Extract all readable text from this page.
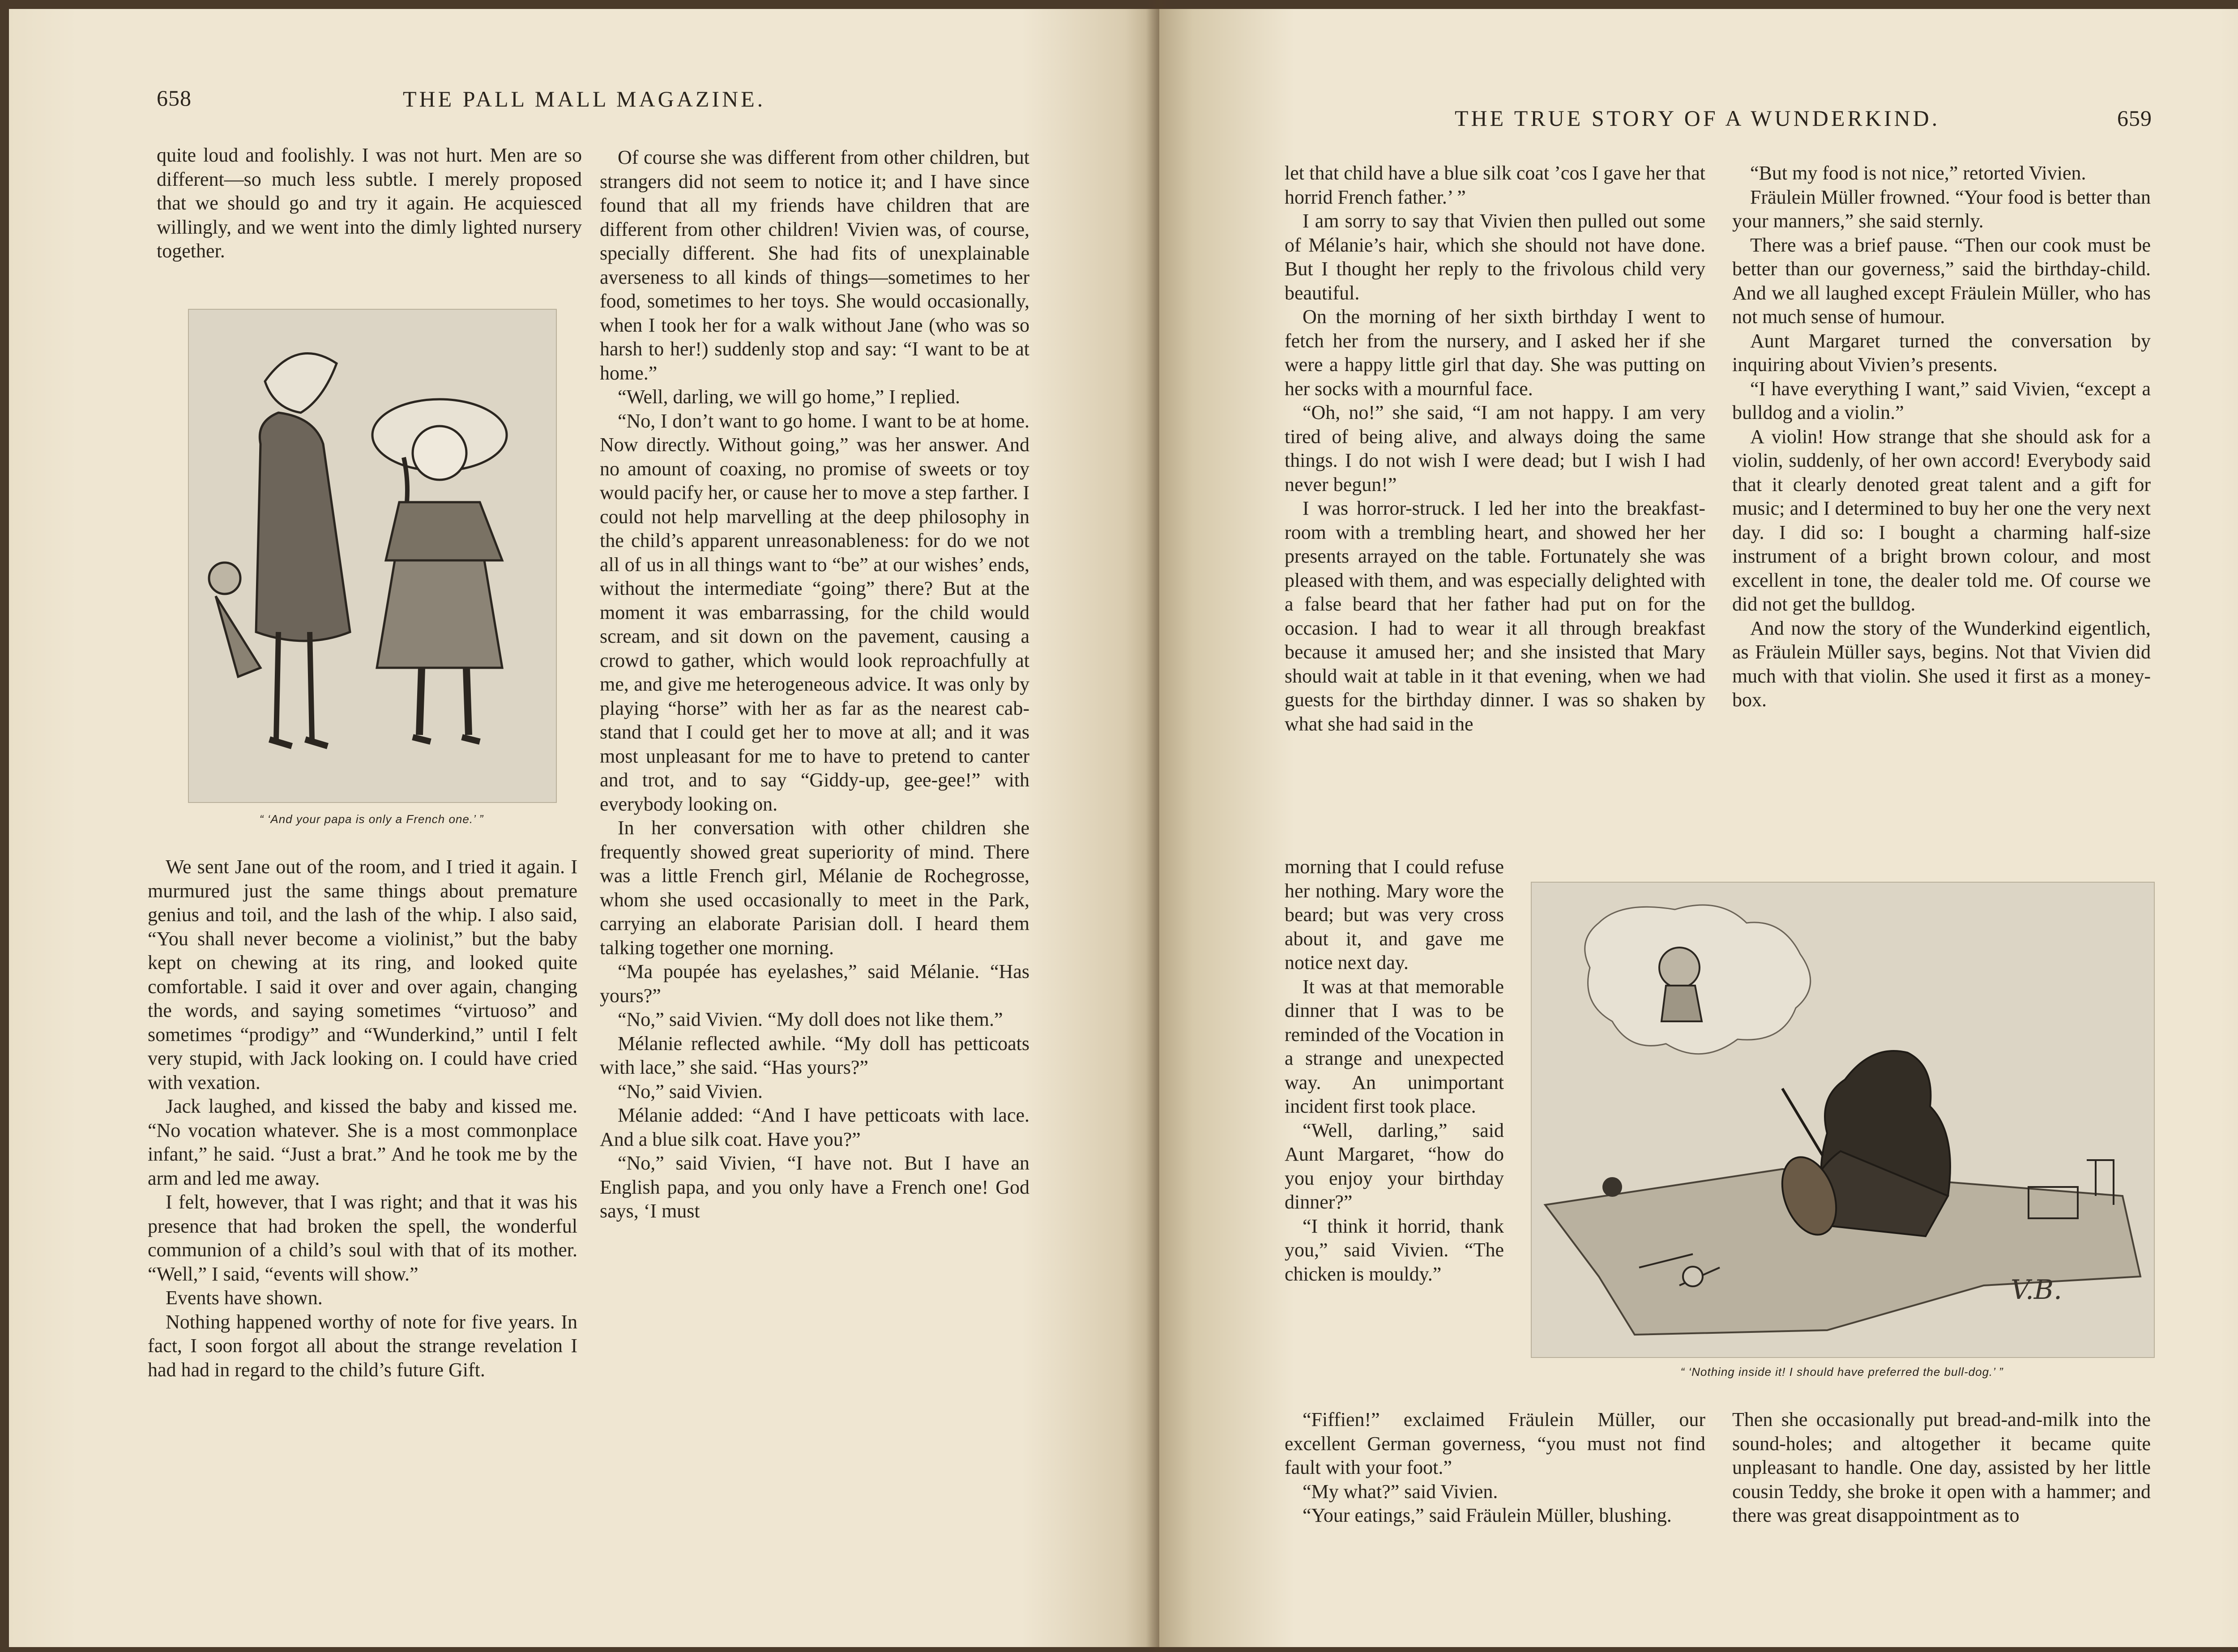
658	THE PALL MALL MAGAZINE.

quite loud and foolishly. I was not hurt. Men are so different—so much less subtle. I merely proposed that we should go and try it again. He acquiesced willingly, and we went into the dimly lighted nursery together.

“ ‘And your papa is only a French one.’ ”

We sent Jane out of the room, and I tried it again. I murmured just the same things about premature genius and toil, and the lash of the whip. I also said, “You shall never become a violinist,” but the baby kept on chewing at its ring, and looked quite comfortable. I said it over and over again, changing the words, and saying sometimes “virtuoso” and sometimes “prodigy” and “Wunderkind,” until I felt very stupid, with Jack looking on. I could have cried with vexation.

Jack laughed, and kissed the baby and kissed me. “No vocation whatever. She is a most commonplace infant,” he said. “Just a brat.” And he took me by the arm and led me away.

I felt, however, that I was right; and that it was his presence that had broken the spell, the wonderful communion of a child’s soul with that of its mother. “Well,” I said, “events will show.”

Events have shown.

Nothing happened worthy of note for five years. In fact, I soon forgot all about the strange revelation I had had in regard to the child’s future Gift.

Of course she was different from other children, but strangers did not seem to notice it; and I have since found that all my friends have children that are different from other children! Vivien was, of course, specially different. She had fits of unexplainable averseness to all kinds of things—sometimes to her food, sometimes to her toys. She would occasionally, when I took her for a walk without Jane (who was so harsh to her!) suddenly stop and say: “I want to be at home.”

“Well, darling, we will go home,” I replied.

“No, I don’t want to go home. I want to be at home. Now directly. Without going,” was her answer. And no amount of coaxing, no promise of sweets or toy would pacify her, or cause her to move a step farther. I could not help marvelling at the deep philosophy in the child’s apparent unreasonableness: for do we not all of us in all things want to “be” at our wishes’ ends, without the intermediate “going” there? But at the moment it was embarrassing, for the child would scream, and sit down on the pavement, causing a crowd to gather, which would look reproachfully at me, and give me heterogeneous advice. It was only by playing “horse” with her as far as the nearest cab-stand that I could get her to move at all; and it was most unpleasant for me to have to pretend to canter and trot, and to say “Giddy-up, gee-gee!” with everybody looking on.

In her conversation with other children she frequently showed great superiority of mind. There was a little French girl, Mélanie de Rochegrosse, whom she used occasionally to meet in the Park, carrying an elaborate Parisian doll. I heard them talking together one morning.

“Ma poupée has eyelashes,” said Mélanie. “Has yours?”

“No,” said Vivien. “My doll does not like them.”

Mélanie reflected awhile. “My doll has petticoats with lace,” she said. “Has yours?”

“No,” said Vivien.

Mélanie added: “And I have petticoats with lace. And a blue silk coat. Have you?”

“No,” said Vivien, “I have not. But I have an English papa, and you only have a French one! God says, ‘I must

THE TRUE STORY OF A WUNDERKIND.	659

let that child have a blue silk coat ’cos I gave her that horrid French father.’ ”

I am sorry to say that Vivien then pulled out some of Mélanie’s hair, which she should not have done. But I thought her reply to the frivolous child very beautiful.

On the morning of her sixth birthday I went to fetch her from the nursery, and I asked her if she were a happy little girl that day. She was putting on her socks with a mournful face.

“Oh, no!” she said, “I am not happy. I am very tired of being alive, and always doing the same things. I do not wish I were dead; but I wish I had never begun!”

I was horror-struck. I led her into the breakfast-room with a trembling heart, and showed her her presents arrayed on the table. Fortunately she was pleased with them, and was especially delighted with a false beard that her father had put on for the occasion. I had to wear it all through breakfast because it amused her; and she insisted that Mary should wait at table in it that evening, when we had guests for the birthday dinner. I was so shaken by what she had said in the

morning that I could refuse her nothing. Mary wore the beard; but was very cross about it, and gave me notice next day.

It was at that memorable dinner that I was to be reminded of the Vocation in a strange and unexpected way. An unimportant incident first took place.

“Well, darling,” said Aunt Margaret, “how do you enjoy your birthday dinner?”

“I think it horrid, thank you,” said Vivien. “The chicken is mouldy.”

“Fiffien!” exclaimed Fräulein Müller, our excellent German governess, “you must not find fault with your foot.”

“My what?” said Vivien.

“Your eatings,” said Fräulein Müller, blushing.

“But my food is not nice,” retorted Vivien.

Fräulein Müller frowned. “Your food is better than your manners,” she said sternly.

There was a brief pause. “Then our cook must be better than our governess,” said the birthday-child. And we all laughed except Fräulein Müller, who has not much sense of humour.

Aunt Margaret turned the conversation by inquiring about Vivien’s presents.

“I have everything I want,” said Vivien, “except a bulldog and a violin.”

A violin! How strange that she should ask for a violin, suddenly, of her own accord! Everybody said that it clearly denoted great talent and a gift for music; and I determined to buy her one the very next day. I did so: I bought a charming half-size instrument of a bright brown colour, and most excellent in tone, the dealer told me. Of course we did not get the bulldog.

And now the story of the Wunderkind eigentlich, as Fräulein Müller says, begins. Not that Vivien did much with that violin. She used it first as a money-box.

V.B.
“ ‘Nothing inside it! I should have preferred the bull-dog.’ ”

Then she occasionally put bread-and-milk into the sound-holes; and altogether it became quite unpleasant to handle. One day, assisted by her little cousin Teddy, she broke it open with a hammer; and there was great disappointment as to
